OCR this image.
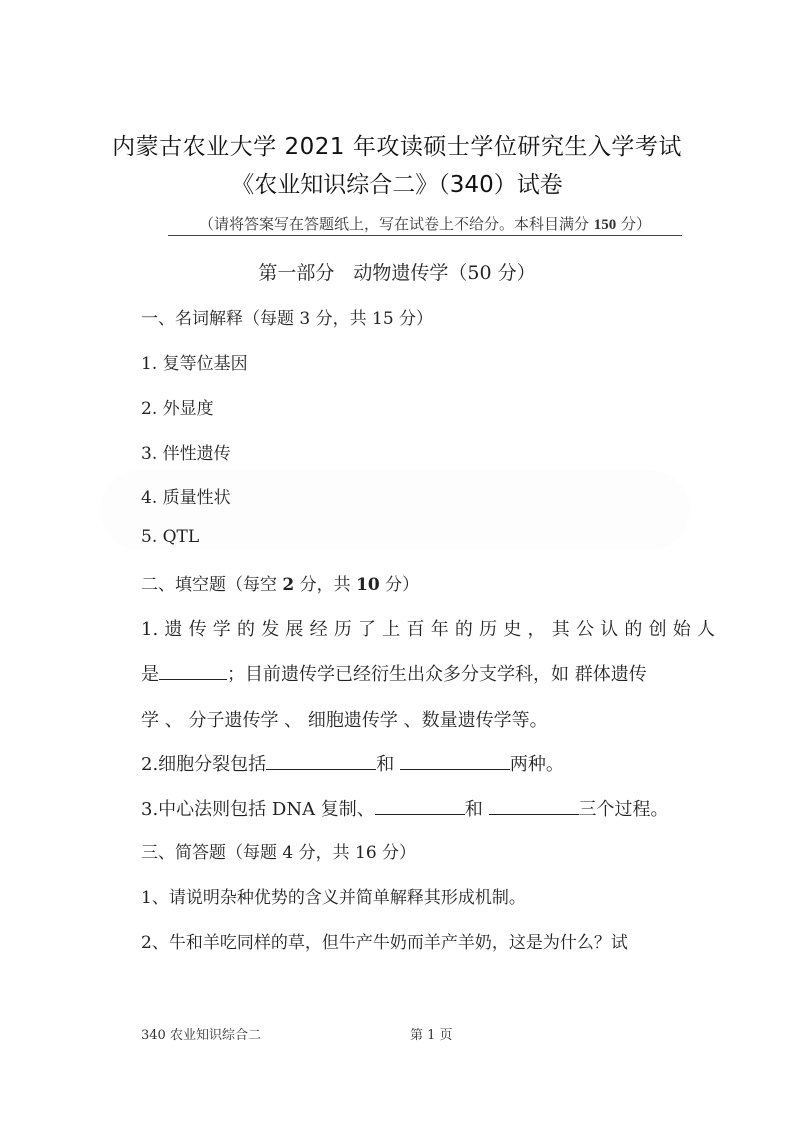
内蒙古农业大学 2021 年攻读硕士学位研究生入学考试
《农业知识综合二》（340）试卷
（请将答案写在答题纸上，写在试卷上不给分。本科目满分 150 分）
第一部分　动物遗传学（50 分）
一、名词解释（每题 3 分，共 15 分）
1. 复等位基因
2. 外显度
3. 伴性遗传
4. 质量性状
5. QTL
二、填空题（每空 2 分，共 10 分）
1.遗传学的发展经历了上百年的历史，其公认的创始人
是	；目前遗传学已经衍生出众多分支学科，如 群体遗传
学 、 分子遗传学 、 细胞遗传学 、数量遗传学等。
2.细胞分裂包括	和	两种。
3.中心法则包括 DNA 复制、	和	三个过程。
三、简答题（每题 4 分，共 16 分）
1、请说明杂种优势的含义并简单解释其形成机制。
2、牛和羊吃同样的草，但牛产牛奶而羊产羊奶，这是为什么？试
340 农业知识综合二	第 1 页
